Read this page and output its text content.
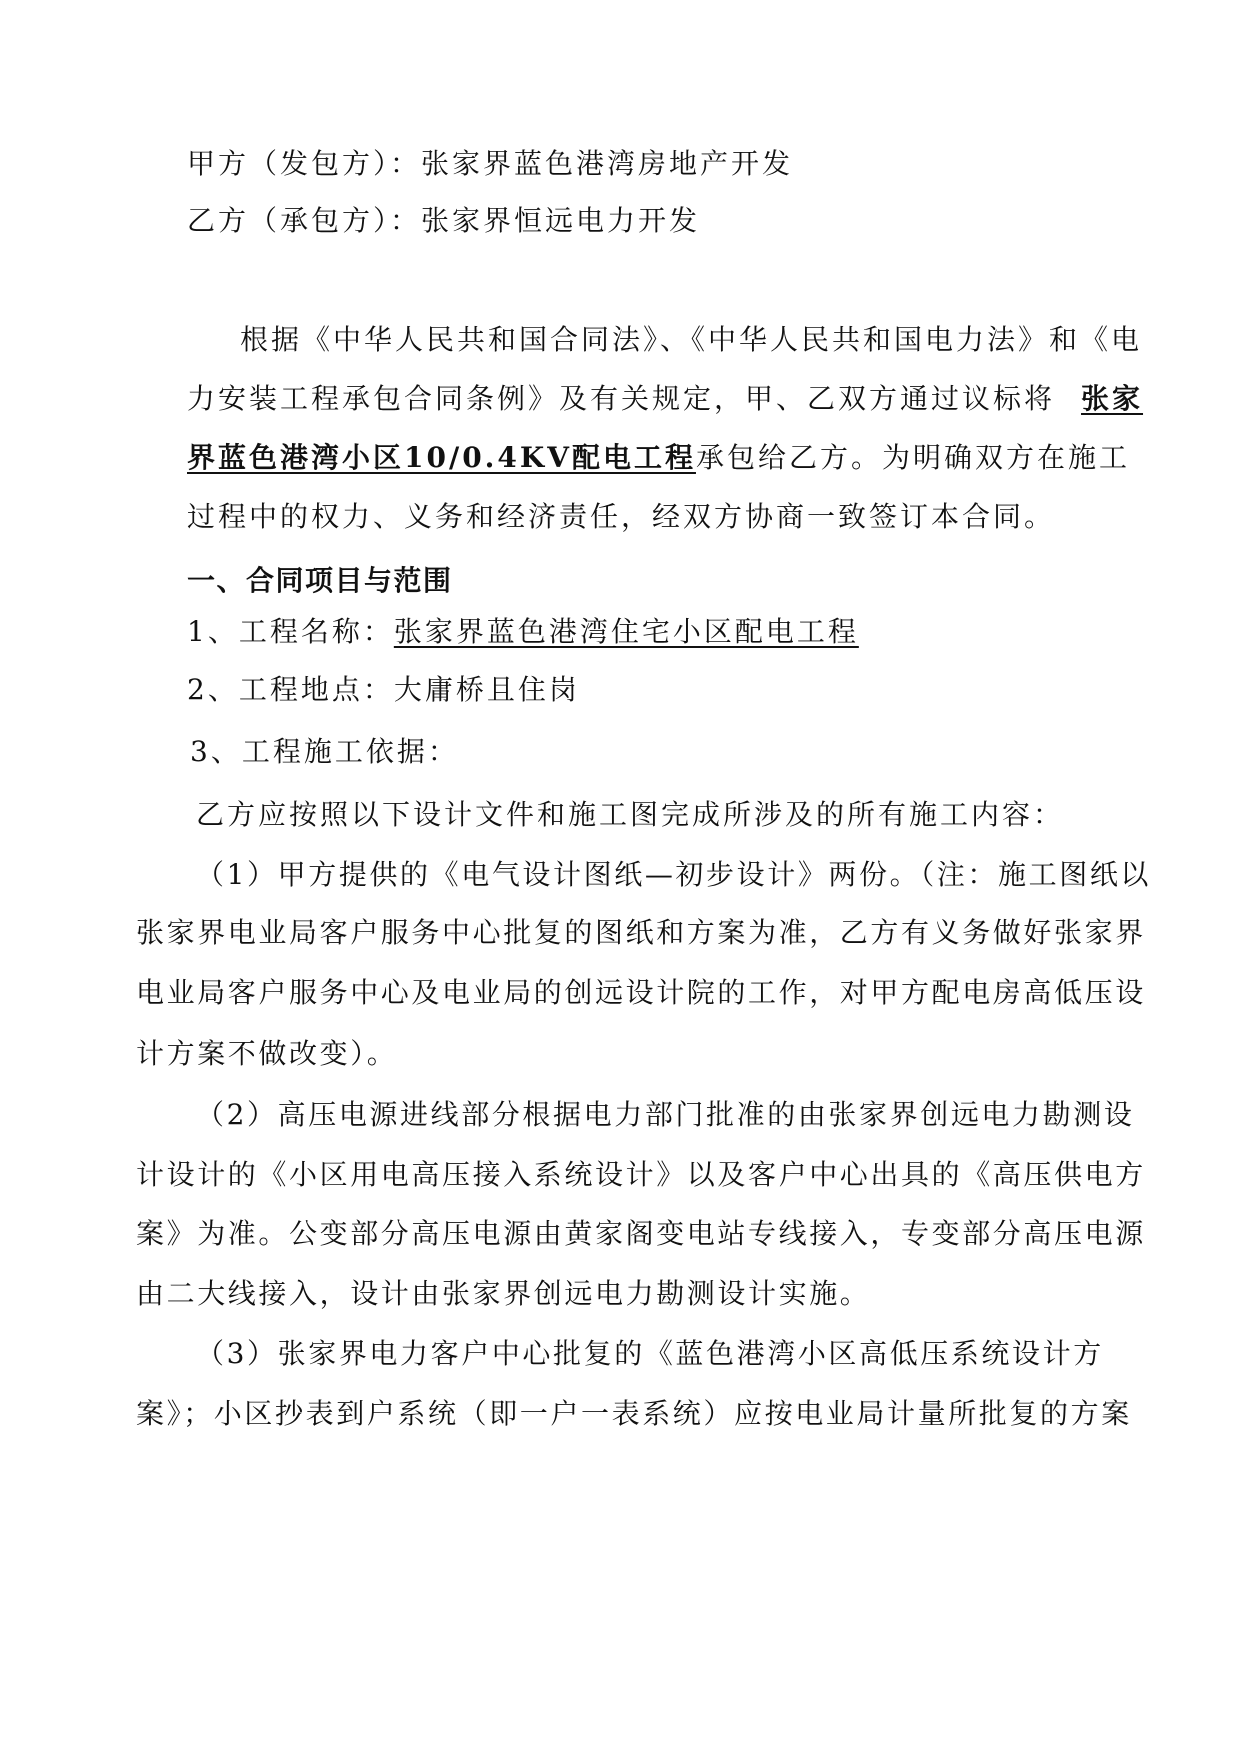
甲方（发包方）：张家界蓝色港湾房地产开发
乙方（承包方）：张家界恒远电力开发
根据《中华人民共和国合同法》、《中华人民共和国电力法》和《电
力安装工程承包合同条例》及有关规定，甲、乙双方通过议标将 张家
界蓝色港湾小区10/0.4KV配电工程承包给乙方。为明确双方在施工
过程中的权力、义务和经济责任，经双方协商一致签订本合同。
一、合同项目与范围
1、工程名称：张家界蓝色港湾住宅小区配电工程
2、工程地点：大庸桥且住岗
3、工程施工依据：
乙方应按照以下设计文件和施工图完成所涉及的所有施工内容：
（1）甲方提供的《电气设计图纸—初步设计》两份。（注：施工图纸以
张家界电业局客户服务中心批复的图纸和方案为准，乙方有义务做好张家界
电业局客户服务中心及电业局的创远设计院的工作，对甲方配电房高低压设
计方案不做改变）。
（2）高压电源进线部分根据电力部门批准的由张家界创远电力勘测设
计设计的《小区用电高压接入系统设计》以及客户中心出具的《高压供电方
案》为准。公变部分高压电源由黄家阁变电站专线接入，专变部分高压电源
由二大线接入，设计由张家界创远电力勘测设计实施。
（3）张家界电力客户中心批复的《蓝色港湾小区高低压系统设计方
案》；小区抄表到户系统（即一户一表系统）应按电业局计量所批复的方案
